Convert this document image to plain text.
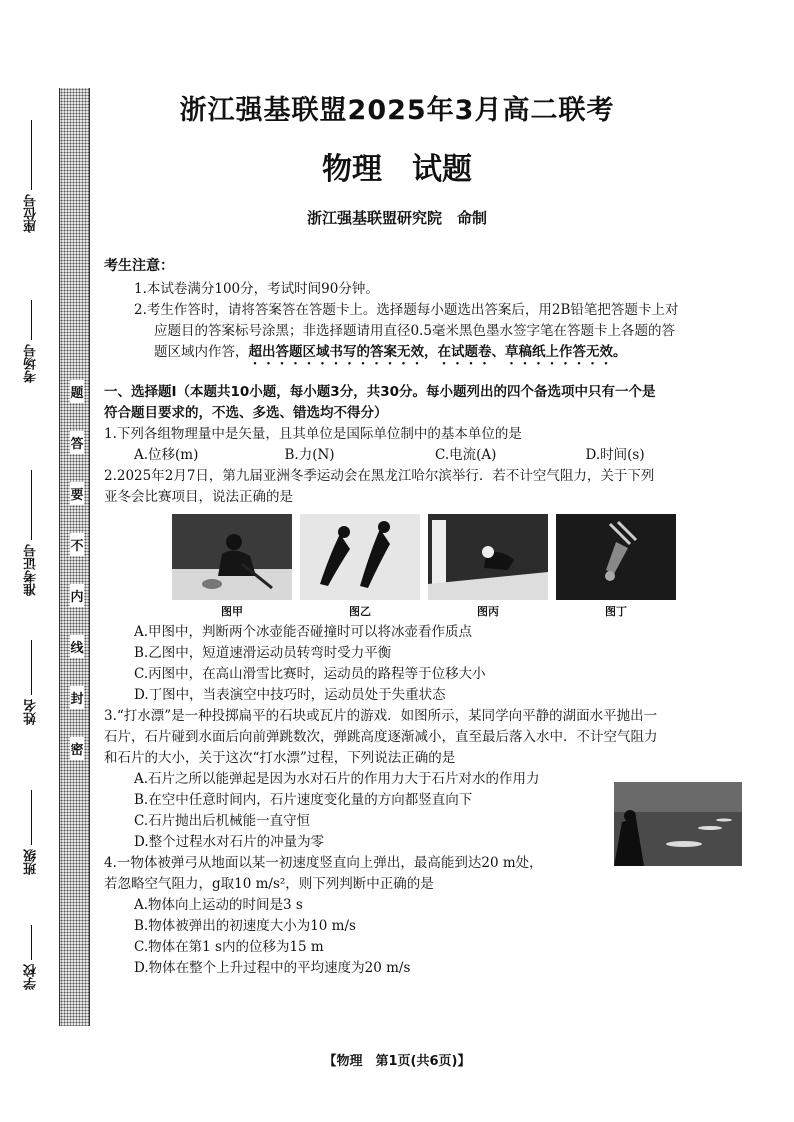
座位号
考场号
准考证号
姓名
班级
学校
题
答
要
不
内
线
封
密
浙江强基联盟2025年3月高二联考
物理　试题
浙江强基联盟研究院　命制
考生注意：

1.本试卷满分100分，考试时间90分钟。

2.考生作答时，请将答案答在答题卡上。选择题每小题选出答案后，用2B铅笔把答题卡上对

应题目的答案标号涂黑；非选择题请用直径0.5毫米黑色墨水签字笔在答题卡上各题的答

题区域内作答，超出答题区域书写的答案无效，在试题卷、草稿纸上作答无效。

一、选择题Ⅰ（本题共10小题，每小题3分，共30分。每小题列出的四个备选项中只有一个是
符合题目要求的，不选、多选、错选均不得分）

1.下列各组物理量中是矢量，且其单位是国际单位制中的基本单位的是

A.位移(m)	B.力(N)	C.电流(A)	D.时间(s)

2.2025年2月7日，第九届亚洲冬季运动会在黑龙江哈尔滨举行．若不计空气阻力，关于下列

亚冬会比赛项目，说法正确的是

图甲	图乙	图丙	图丁

A.甲图中，判断两个冰壶能否碰撞时可以将冰壶看作质点

B.乙图中，短道速滑运动员转弯时受力平衡

C.丙图中，在高山滑雪比赛时，运动员的路程等于位移大小

D.丁图中，当表演空中技巧时，运动员处于失重状态

3.“打水漂”是一种投掷扁平的石块或瓦片的游戏．如图所示，某同学向平静的湖面水平抛出一

石片，石片碰到水面后向前弹跳数次，弹跳高度逐渐减小，直至最后落入水中．不计空气阻力

和石片的大小，关于这次“打水漂”过程，下列说法正确的是

A.石片之所以能弹起是因为水对石片的作用力大于石片对水的作用力

B.在空中任意时间内，石片速度变化量的方向都竖直向下

C.石片抛出后机械能一直守恒

D.整个过程水对石片的冲量为零

4.一物体被弹弓从地面以某一初速度竖直向上弹出，最高能到达20 m处，

若忽略空气阻力，g取10 m/s²，则下列判断中正确的是

A.物体向上运动的时间是3 s

B.物体被弹出的初速度大小为10 m/s

C.物体在第1 s内的位移为15 m

D.物体在整个上升过程中的平均速度为20 m/s

【物理　第1页(共6页)】
